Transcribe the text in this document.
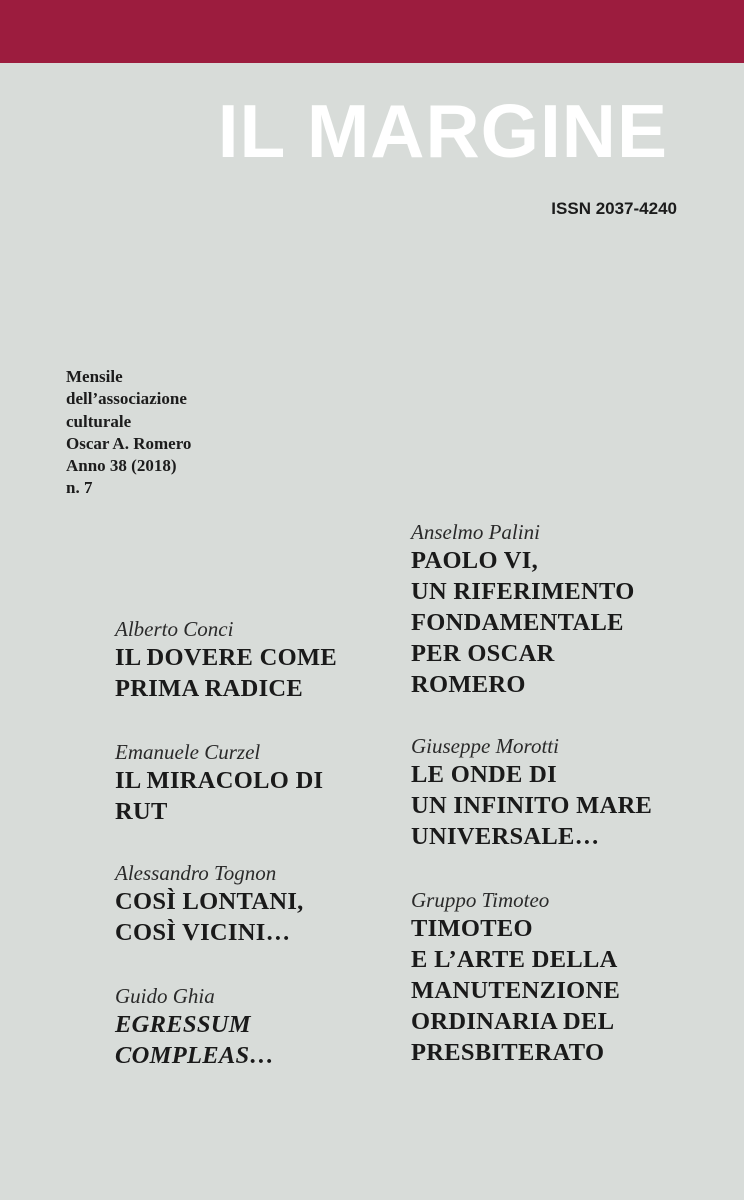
IL MARGINE
ISSN 2037-4240
Mensile
dell’associazione
culturale
Oscar A. Romero
Anno 38 (2018)
n. 7
Alberto Conci
IL DOVERE COME
PRIMA RADICE
Emanuele Curzel
IL MIRACOLO DI
RUT
Alessandro Tognon
COSÌ LONTANI,
COSÌ VICINI…
Guido Ghia
EGRESSUM
COMPLEAS…
Anselmo Palini
PAOLO VI,
UN RIFERIMENTO
FONDAMENTALE
PER OSCAR
ROMERO
Giuseppe Morotti
LE ONDE DI
UN INFINITO MARE
UNIVERSALE…
Gruppo Timoteo
TIMOTEO
E L’ARTE DELLA
MANUTENZIONE
ORDINARIA DEL
PRESBITERATO
